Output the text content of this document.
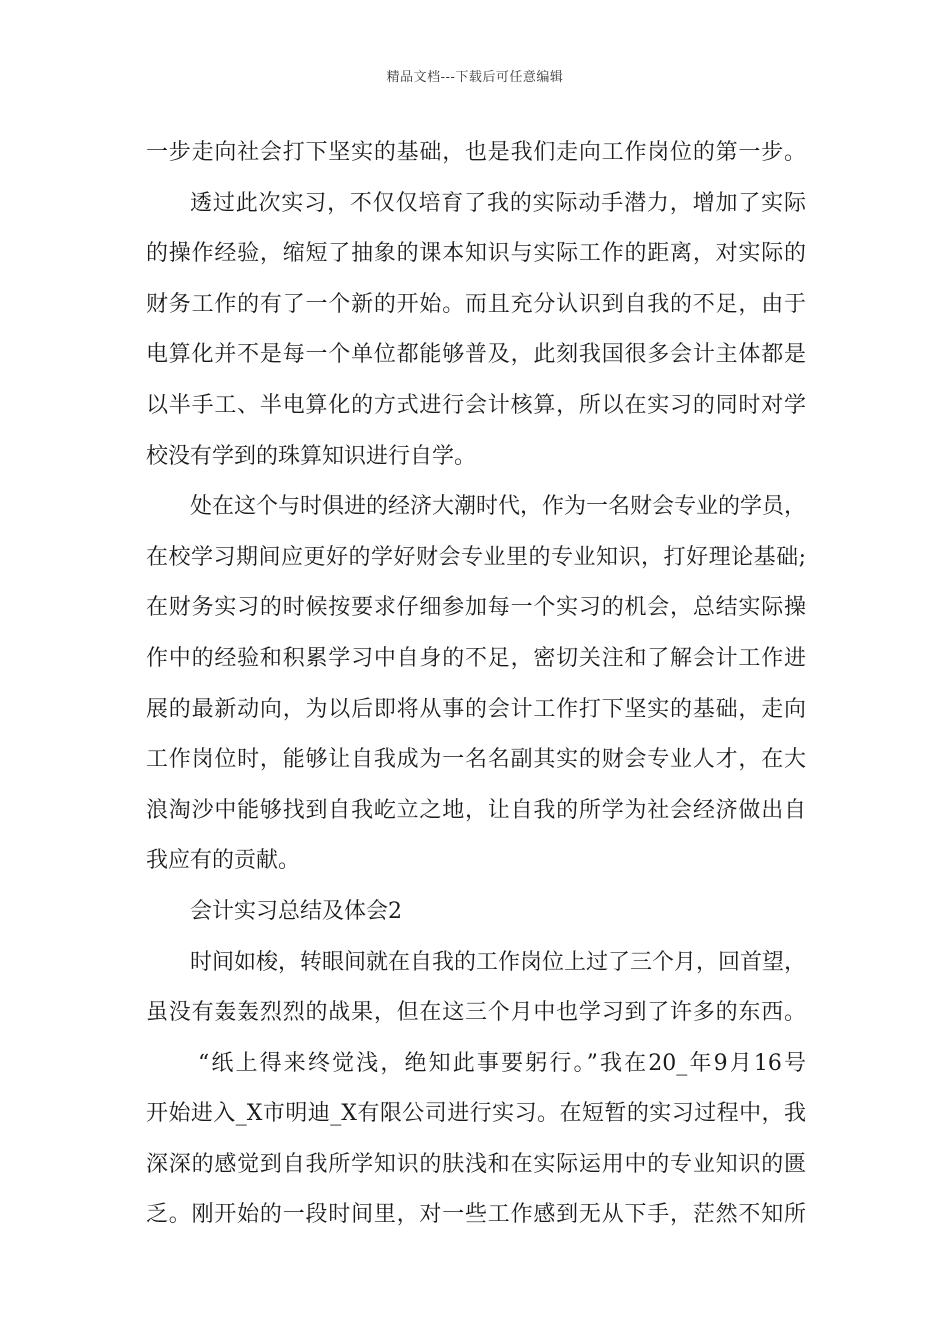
精品文档---下载后可任意编辑
一步走向社会打下坚实的基础，也是我们走向工作岗位的第一步。
透过此次实习，不仅仅培育了我的实际动手潜力，增加了实际
的操作经验，缩短了抽象的课本知识与实际工作的距离，对实际的
财务工作的有了一个新的开始。而且充分认识到自我的不足，由于
电算化并不是每一个单位都能够普及，此刻我国很多会计主体都是
以半手工、半电算化的方式进行会计核算，所以在实习的同时对学
校没有学到的珠算知识进行自学。
处在这个与时俱进的经济大潮时代，作为一名财会专业的学员，
在校学习期间应更好的学好财会专业里的专业知识，打好理论基础;
在财务实习的时候按要求仔细参加每一个实习的机会，总结实际操
作中的经验和积累学习中自身的不足，密切关注和了解会计工作进
展的最新动向，为以后即将从事的会计工作打下坚实的基础，走向
工作岗位时，能够让自我成为一名名副其实的财会专业人才，在大
浪淘沙中能够找到自我屹立之地，让自我的所学为社会经济做出自
我应有的贡献。
会计实习总结及体会2
时间如梭，转眼间就在自我的工作岗位上过了三个月，回首望，
虽没有轰轰烈烈的战果，但在这三个月中也学习到了许多的东西。
“纸上得来终觉浅，绝知此事要躬行。”我在20_年9月16号
开始进入_X市明迪_X有限公司进行实习。在短暂的实习过程中，我
深深的感觉到自我所学知识的肤浅和在实际运用中的专业知识的匮
乏。刚开始的一段时间里，对一些工作感到无从下手，茫然不知所
